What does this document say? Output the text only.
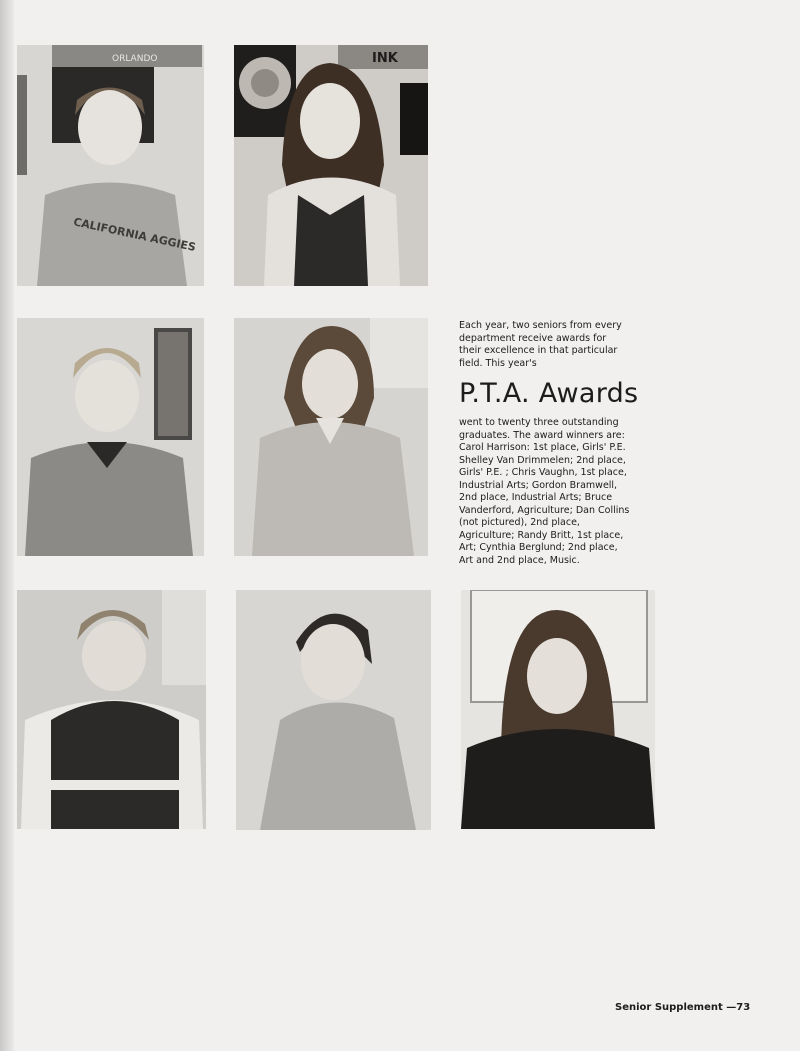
ORLANDO
CALIFORNIA AGGIES
INK

Each year, two seniors from every department receive awards for their excellence in that particular field. This year's

P.T.A. Awards

went to twenty three outstanding graduates. The award winners are: Carol Harrison: 1st place, Girls' P.E. Shelley Van Drimmelen; 2nd place, Girls' P.E. ; Chris Vaughn, 1st place, Industrial Arts; Gordon Bramwell, 2nd place, Industrial Arts; Bruce Vanderford, Agriculture; Dan Collins (not pictured), 2nd place, Agriculture; Randy Britt, 1st place, Art; Cynthia Berglund; 2nd place, Art and 2nd place, Music.

Senior Supplement —73
